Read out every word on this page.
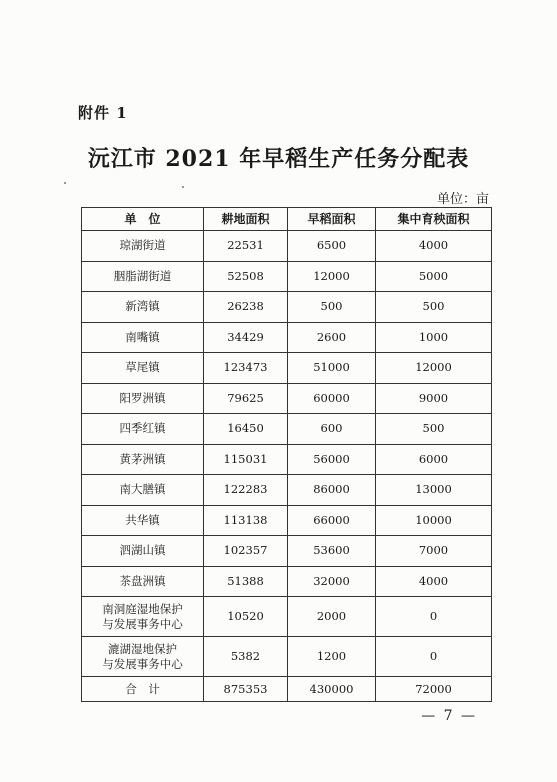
附件 1
沅江市 2021 年早稻生产任务分配表
单位：亩
单　位	耕地面积	早稻面积	集中育秧面积
琼湖街道	22531	6500	4000
胭脂湖街道	52508	12000	5000
新湾镇	26238	500	500
南嘴镇	34429	2600	1000
草尾镇	123473	51000	12000
阳罗洲镇	79625	60000	9000
四季红镇	16450	600	500
黄茅洲镇	115031	56000	6000
南大膳镇	122283	86000	13000
共华镇	113138	66000	10000
泗湖山镇	102357	53600	7000
茶盘洲镇	51388	32000	4000
南洞庭湿地保护
与发展事务中心	10520	2000	0
漉湖湿地保护
与发展事务中心	5382	1200	0
合　计	875353	430000	72000
— 7 —
